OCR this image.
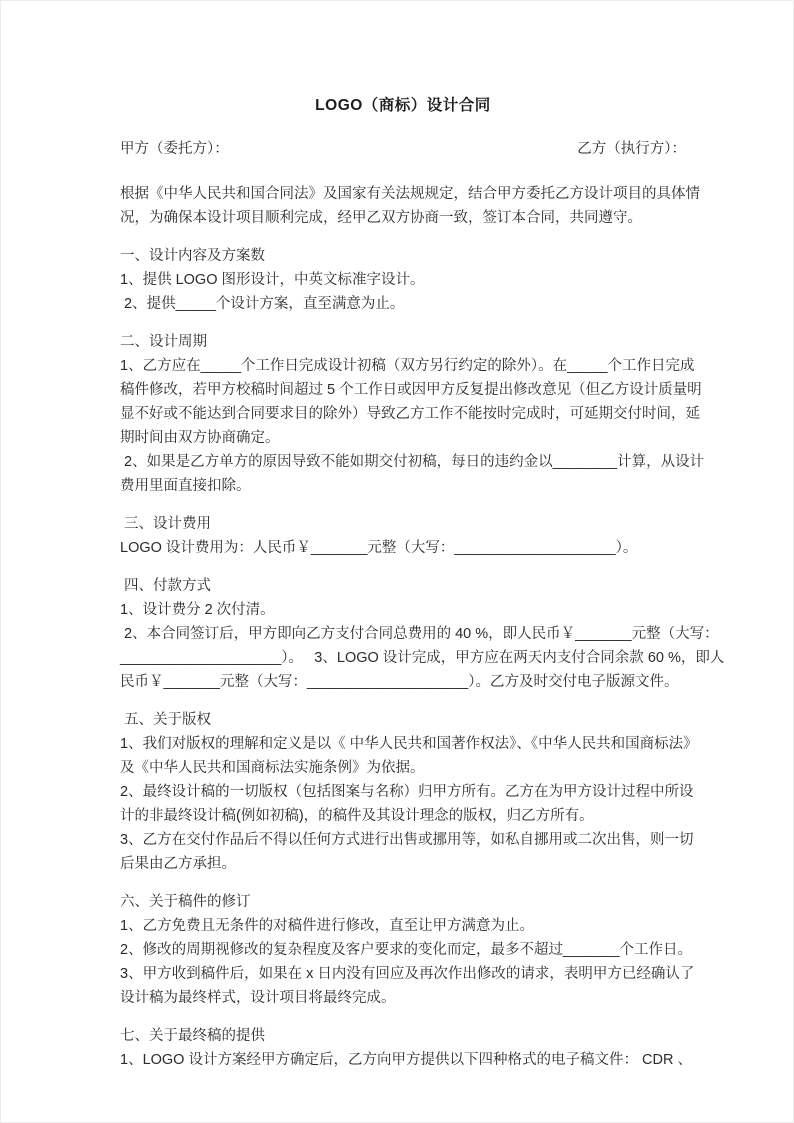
LOGO（商标）设计合同
甲方（委托方）：	乙方（执行方）：
根据《中华人民共和国合同法》及国家有关法规规定，结合甲方委托乙方设计项目的具体情
况，为确保本设计项目顺利完成，经甲乙双方协商一致，签订本合同，共同遵守。
一、设计内容及方案数
1、提供 LOGO 图形设计，中英文标准字设计。
2、提供_____个设计方案，直至满意为止。
二、设计周期
1、乙方应在_____个工作日完成设计初稿（双方另行约定的除外）。在_____个工作日完成
稿件修改，若甲方校稿时间超过 5 个工作日或因甲方反复提出修改意见（但乙方设计质量明
显不好或不能达到合同要求目的除外）导致乙方工作不能按时完成时，可延期交付时间，延
期时间由双方协商确定。
2、如果是乙方单方的原因导致不能如期交付初稿，每日的违约金以________计算，从设计
费用里面直接扣除。
三、设计费用
LOGO 设计费用为：人民币￥_______元整（大写：____________________）。
四、付款方式
1、设计费分 2 次付清。
2、本合同签订后，甲方即向乙方支付合同总费用的 40 %，即人民币￥_______元整（大写：
____________________）。　 3、LOGO 设计完成，甲方应在两天内支付合同余款 60 %，即人
民币￥_______元整（大写：____________________）。乙方及时交付电子版源文件。
五、关于版权
1、我们对版权的理解和定义是以《 中华人民共和国著作权法》、《中华人民共和国商标法》
及《中华人民共和国商标法实施条例》为依据。
2、最终设计稿的一切版权（包括图案与名称）归甲方所有。乙方在为甲方设计过程中所设
计的非最终设计稿(例如初稿)，的稿件及其设计理念的版权，归乙方所有。
3、乙方在交付作品后不得以任何方式进行出售或挪用等，如私自挪用或二次出售，则一切
后果由乙方承担。
六、关于稿件的修订
1、乙方免费且无条件的对稿件进行修改，直至让甲方满意为止。
2、修改的周期视修改的复杂程度及客户要求的变化而定，最多不超过_______个工作日。
3、甲方收到稿件后，如果在 x 日内没有回应及再次作出修改的请求，表明甲方已经确认了
设计稿为最终样式，设计项目将最终完成。
七、关于最终稿的提供
1、LOGO 设计方案经甲方确定后，乙方向甲方提供以下四种格式的电子稿文件： CDR 、
